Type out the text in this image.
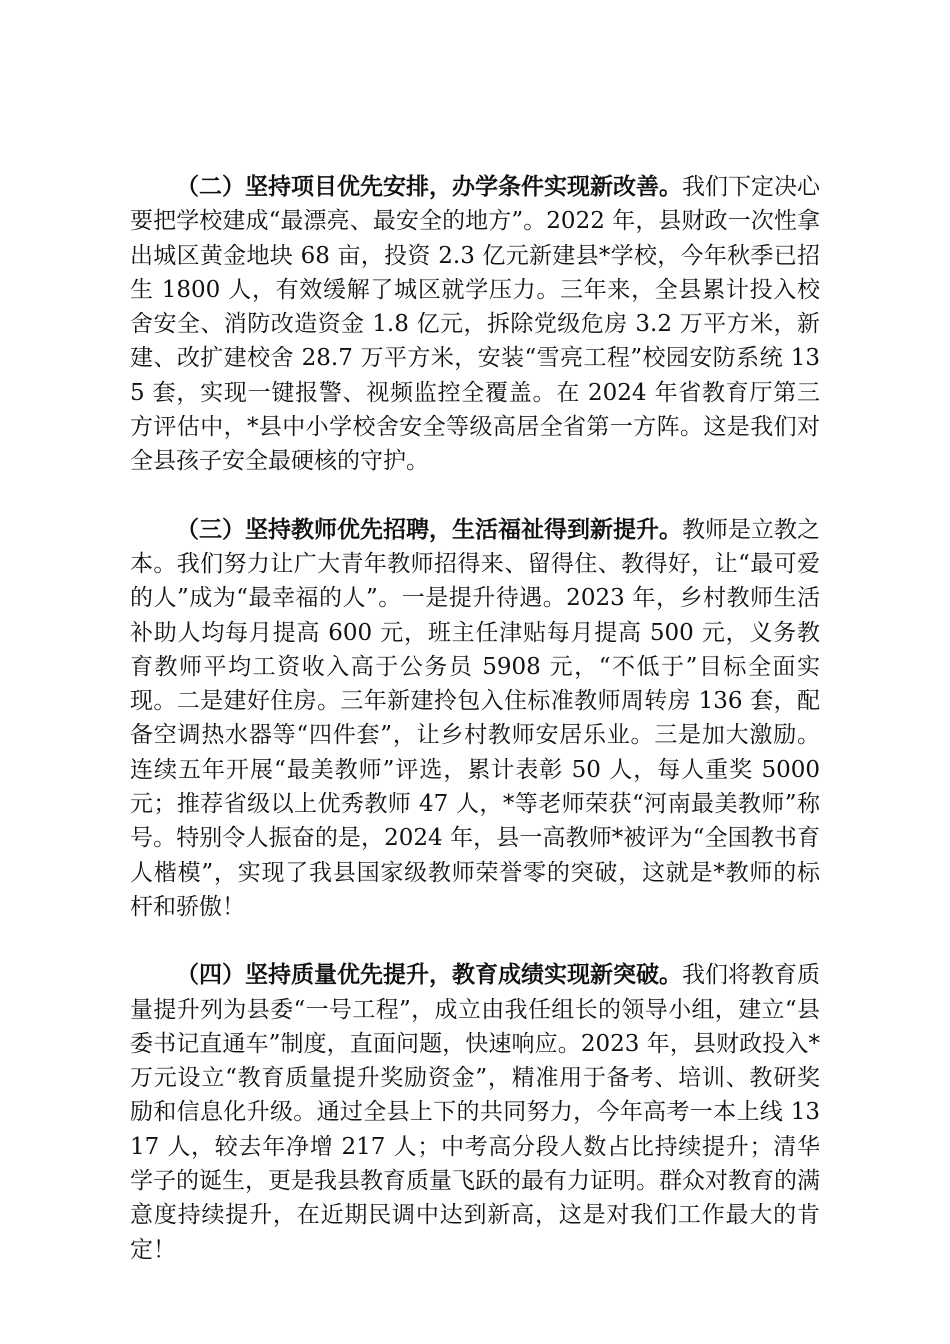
（二）坚持项目优先安排，办学条件实现新改善。我们下定决心要把学校建成“最漂亮、最安全的地方”。2022 年，县财政一次性拿出城区黄金地块 68 亩，投资 2.3 亿元新建县*学校，今年秋季已招生 1800 人，有效缓解了城区就学压力。三年来，全县累计投入校舍安全、消防改造资金 1.8 亿元，拆除党级危房 3.2 万平方米，新建、改扩建校舍 28.7 万平方米，安装“雪亮工程”校园安防系统 135 套，实现一键报警、视频监控全覆盖。在 2024 年省教育厅第三方评估中，*县中小学校舍安全等级高居全省第一方阵。这是我们对全县孩子安全最硬核的守护。

（三）坚持教师优先招聘，生活福祉得到新提升。教师是立教之本。我们努力让广大青年教师招得来、留得住、教得好，让“最可爱的人”成为“最幸福的人”。一是提升待遇。2023 年，乡村教师生活补助人均每月提高 600 元，班主任津贴每月提高 500 元，义务教育教师平均工资收入高于公务员 5908 元，“不低于”目标全面实现。二是建好住房。三年新建拎包入住标准教师周转房 136 套，配备空调热水器等“四件套”，让乡村教师安居乐业。三是加大激励。连续五年开展“最美教师”评选，累计表彰 50 人，每人重奖 5000 元；推荐省级以上优秀教师 47 人，*等老师荣获“河南最美教师”称号。特别令人振奋的是，2024 年，县一高教师*被评为“全国教书育人楷模”，实现了我县国家级教师荣誉零的突破，这就是*教师的标杆和骄傲！

（四）坚持质量优先提升，教育成绩实现新突破。我们将教育质量提升列为县委“一号工程”，成立由我任组长的领导小组，建立“县委书记直通车”制度，直面问题，快速响应。2023 年，县财政投入*万元设立“教育质量提升奖励资金”，精准用于备考、培训、教研奖励和信息化升级。通过全县上下的共同努力，今年高考一本上线 1317 人，较去年净增 217 人；中考高分段人数占比持续提升；清华学子的诞生，更是我县教育质量飞跃的最有力证明。群众对教育的满意度持续提升，在近期民调中达到新高，这是对我们工作最大的肯定！
